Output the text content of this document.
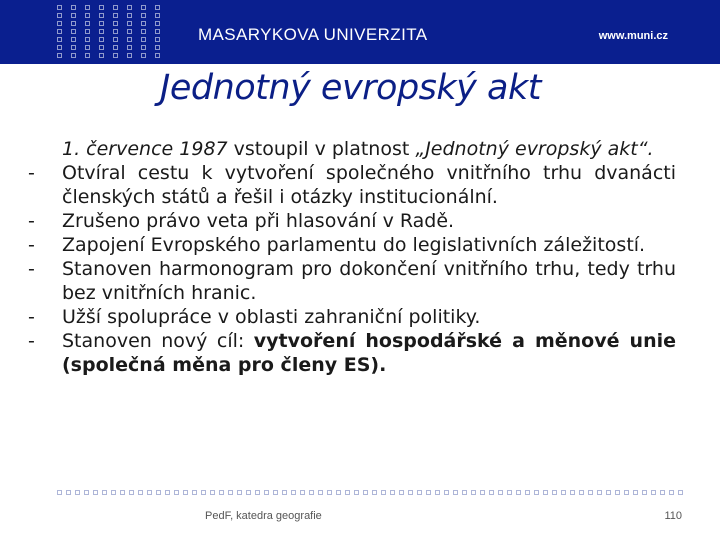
MASARYKOVA UNIVERZITA	www.muni.cz
Jednotný evropský akt
1. července 1987 vstoupil v platnost „Jednotný evropský akt“.

-	Otvíral cestu k vytvoření společného vnitřního trhu dvanácti členských států a řešil i otázky institucionální.

-	Zrušeno právo veta při hlasování v Radě.

-	Zapojení Evropského parlamentu do legislativních záležitostí.

-	Stanoven harmonogram pro dokončení vnitřního trhu, tedy trhu bez vnitřních hranic.

-	Užší spolupráce v oblasti zahraniční politiky.

-	Stanoven nový cíl: vytvoření hospodářské a měnové unie (společná měna pro členy ES).

PedF, katedra geografie	110
